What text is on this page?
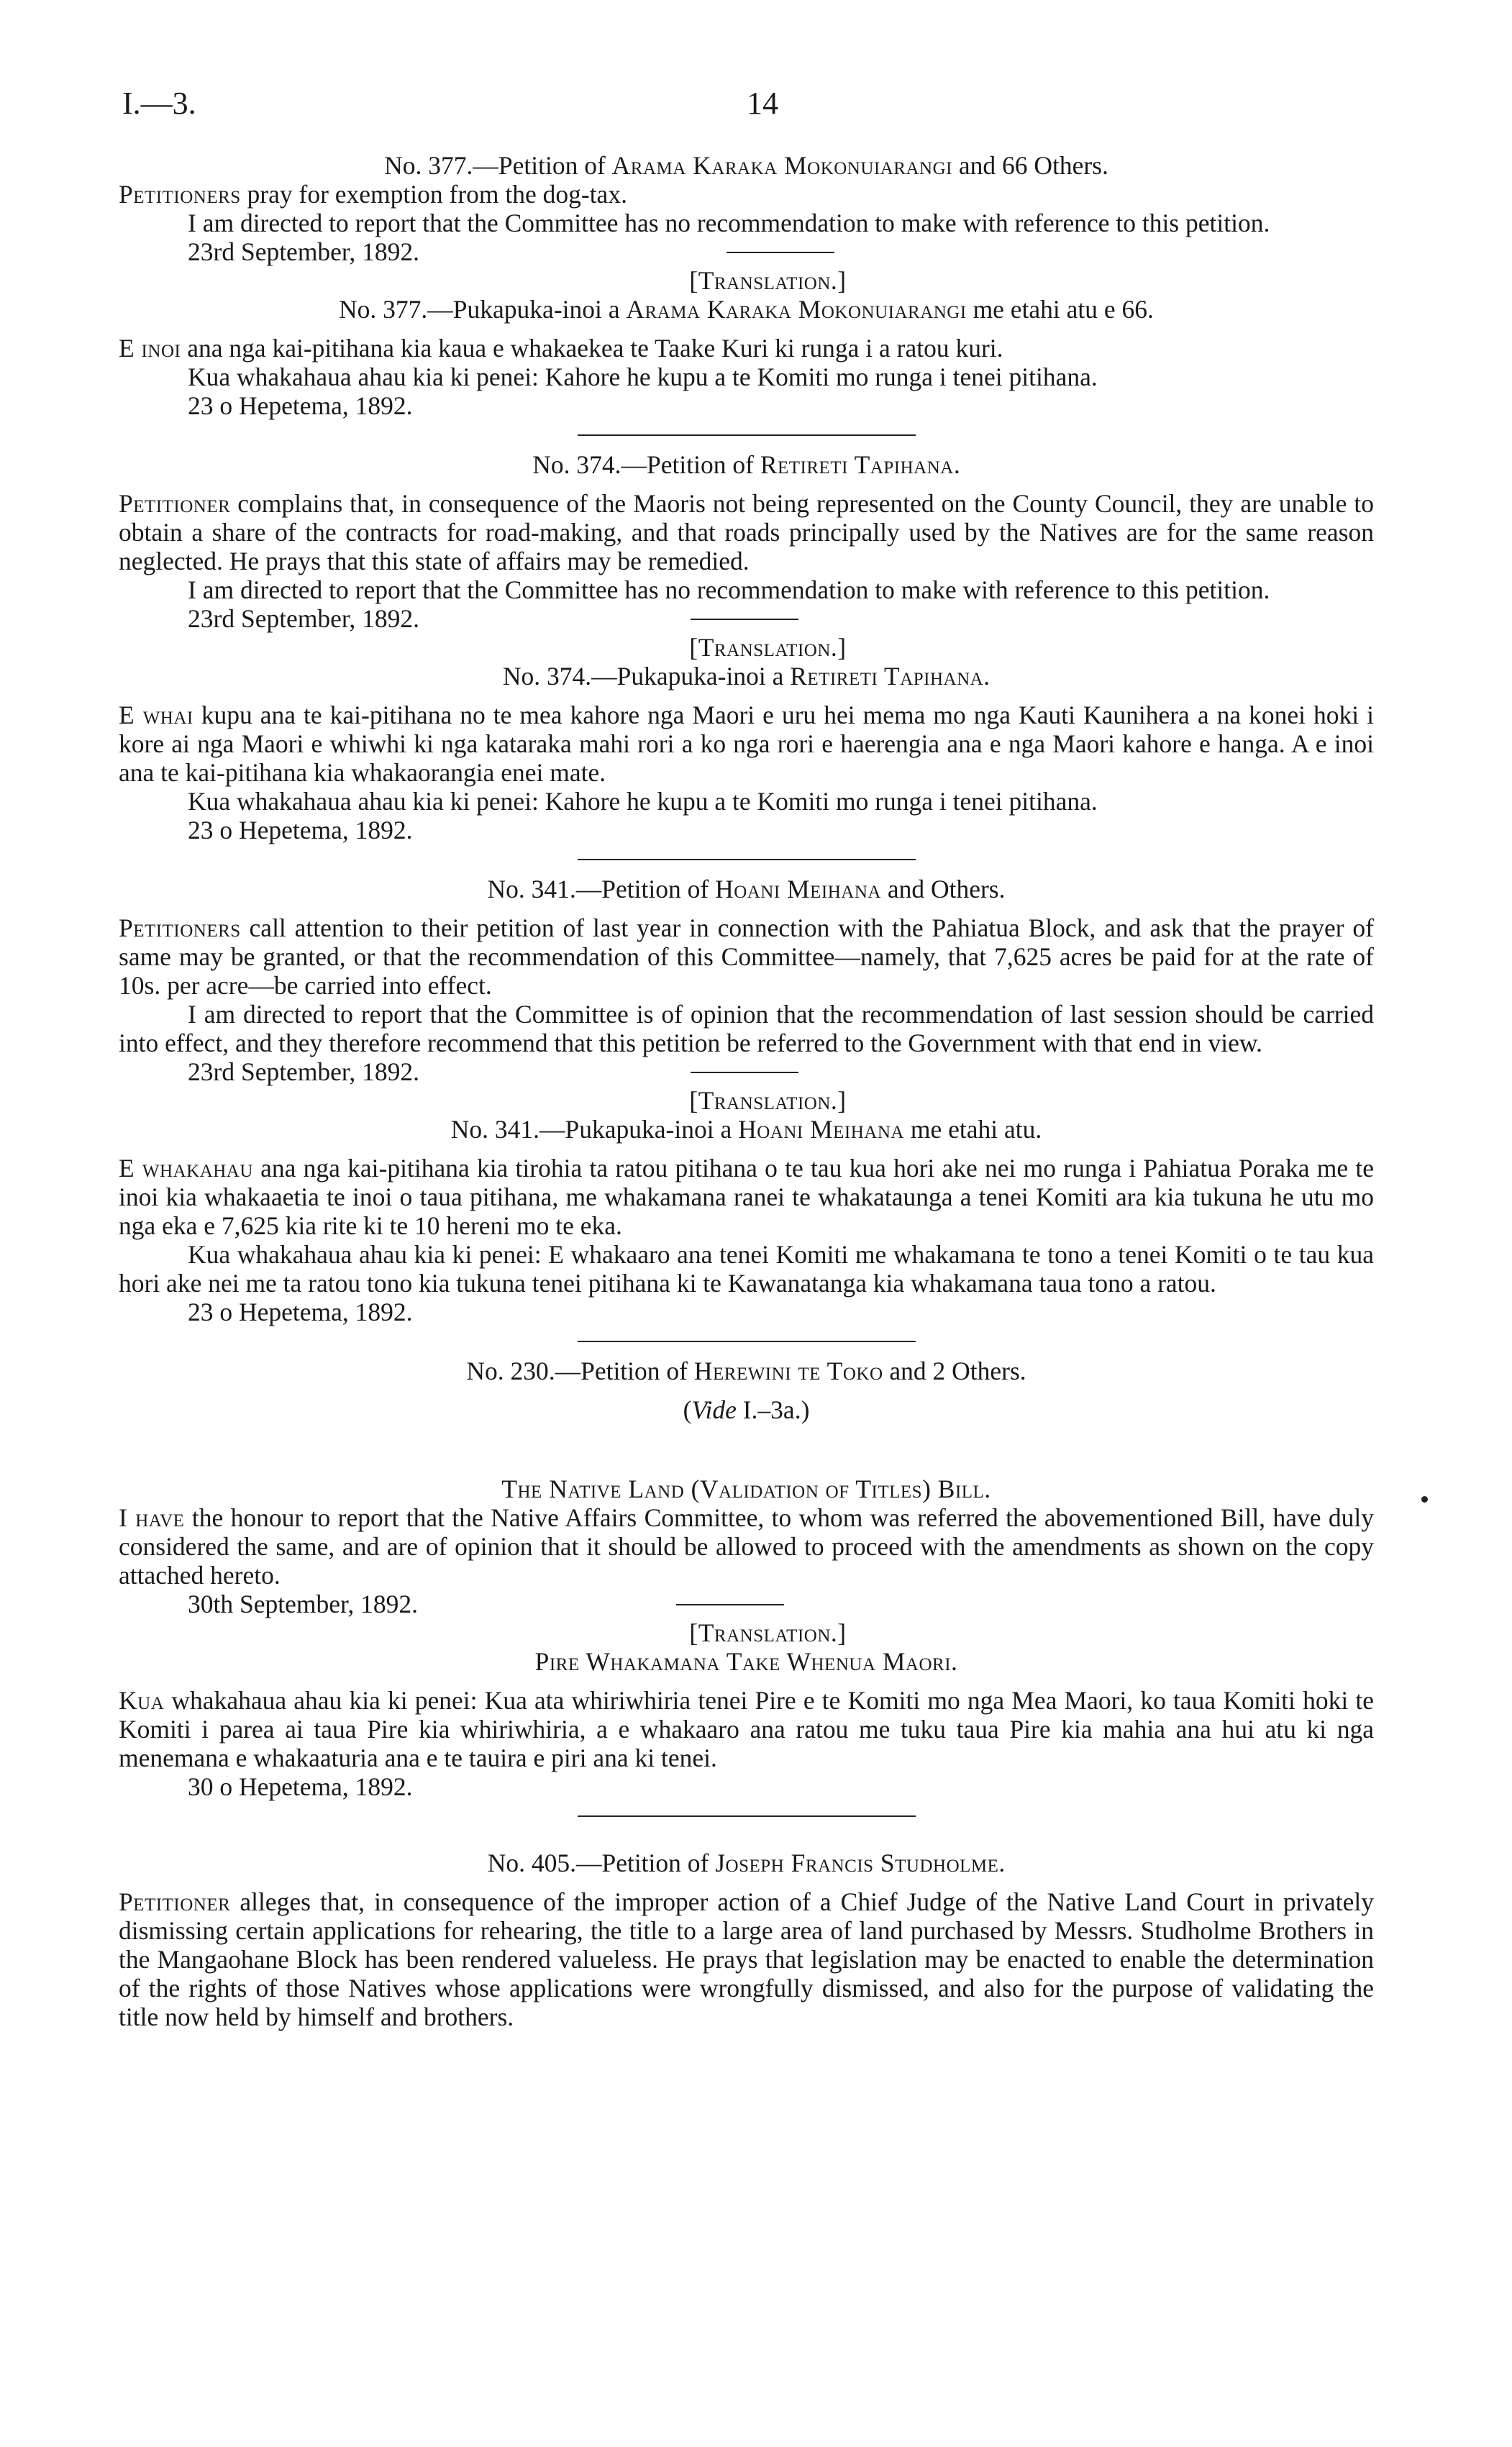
I.—3.	14
No. 377.—Petition of Arama Karaka Mokonuiarangi and 66 Others.

Petitioners pray for exemption from the dog-tax.

I am directed to report that the Committee has no recommendation to make with reference to this petition.

23rd September, 1892.
[Translation.]
No. 377.—Pukapuka-inoi a Arama Karaka Mokonuiarangi me etahi atu e 66.

E inoi ana nga kai-pitihana kia kaua e whakaekea te Taake Kuri ki runga i a ratou kuri.

Kua whakahaua ahau kia ki penei: Kahore he kupu a te Komiti mo runga i tenei pitihana.

23 o Hepetema, 1892.
No. 374.—Petition of Retireti Tapihana.

Petitioner complains that, in consequence of the Maoris not being represented on the County Council, they are unable to obtain a share of the contracts for road-making, and that roads principally used by the Natives are for the same reason neglected. He prays that this state of affairs may be remedied.

I am directed to report that the Committee has no recommendation to make with reference to this petition.

23rd September, 1892.
[Translation.]
No. 374.—Pukapuka-inoi a Retireti Tapihana.

E whai kupu ana te kai-pitihana no te mea kahore nga Maori e uru hei mema mo nga Kauti Kaunihera a na konei hoki i kore ai nga Maori e whiwhi ki nga kataraka mahi rori a ko nga rori e haerengia ana e nga Maori kahore e hanga. A e inoi ana te kai-pitihana kia whakaorangia enei mate.

Kua whakahaua ahau kia ki penei: Kahore he kupu a te Komiti mo runga i tenei pitihana.

23 o Hepetema, 1892.
No. 341.—Petition of Hoani Meihana and Others.

Petitioners call attention to their petition of last year in connection with the Pahiatua Block, and ask that the prayer of same may be granted, or that the recommendation of this Committee—namely, that 7,625 acres be paid for at the rate of 10s. per acre—be carried into effect.

I am directed to report that the Committee is of opinion that the recommendation of last session should be carried into effect, and they therefore recommend that this petition be referred to the Government with that end in view.

23rd September, 1892.
[Translation.]
No. 341.—Pukapuka-inoi a Hoani Meihana me etahi atu.

E whakahau ana nga kai-pitihana kia tirohia ta ratou pitihana o te tau kua hori ake nei mo runga i Pahiatua Poraka me te inoi kia whakaaetia te inoi o taua pitihana, me whakamana ranei te whakataunga a tenei Komiti ara kia tukuna he utu mo nga eka e 7,625 kia rite ki te 10 hereni mo te eka.

Kua whakahaua ahau kia ki penei: E whakaaro ana tenei Komiti me whakamana te tono a tenei Komiti o te tau kua hori ake nei me ta ratou tono kia tukuna tenei pitihana ki te Kawanatanga kia whakamana taua tono a ratou.

23 o Hepetema, 1892.
No. 230.—Petition of Herewini te Toko and 2 Others.
(Vide I.–3a.)
The Native Land (Validation of Titles) Bill.

I have the honour to report that the Native Affairs Committee, to whom was referred the abovementioned Bill, have duly considered the same, and are of opinion that it should be allowed to proceed with the amendments as shown on the copy attached hereto.

30th September, 1892.
[Translation.]
Pire Whakamana Take Whenua Maori.

Kua whakahaua ahau kia ki penei: Kua ata whiriwhiria tenei Pire e te Komiti mo nga Mea Maori, ko taua Komiti hoki te Komiti i parea ai taua Pire kia whiriwhiria, a e whakaaro ana ratou me tuku taua Pire kia mahia ana hui atu ki nga menemana e whakaaturia ana e te tauira e piri ana ki tenei.

30 o Hepetema, 1892.
No. 405.—Petition of Joseph Francis Studholme.

Petitioner alleges that, in consequence of the improper action of a Chief Judge of the Native Land Court in privately dismissing certain applications for rehearing, the title to a large area of land purchased by Messrs. Studholme Brothers in the Mangaohane Block has been rendered valueless. He prays that legislation may be enacted to enable the determination of the rights of those Natives whose applications were wrongfully dismissed, and also for the purpose of validating the title now held by himself and brothers.
